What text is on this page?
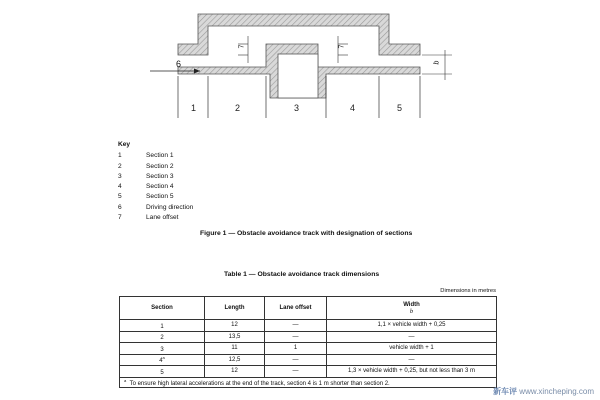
6
7	7
b
1	2	3	4	5
Key
1	Section 1
2	Section 2
3	Section 3
4	Section 4
5	Section 5
6	Driving direction
7	Lane offset
Figure 1 — Obstacle avoidance track with designation of sections
Table 1 — Obstacle avoidance track dimensions
Dimensions in metres
Section	Length	Lane offset	Width
b

1	12	—	1,1 × vehicle width + 0,25
2	13,5	—	—
3	11	1	vehicle width + 1
4$^a$	12,5	—	—
5	12	—	1,3 × vehicle width + 0,25, but not less than 3 m
$^a$  To ensure high lateral accelerations at the end of the track, section 4 is 1 m shorter than section 2.			
新车评 www.xincheping.com
